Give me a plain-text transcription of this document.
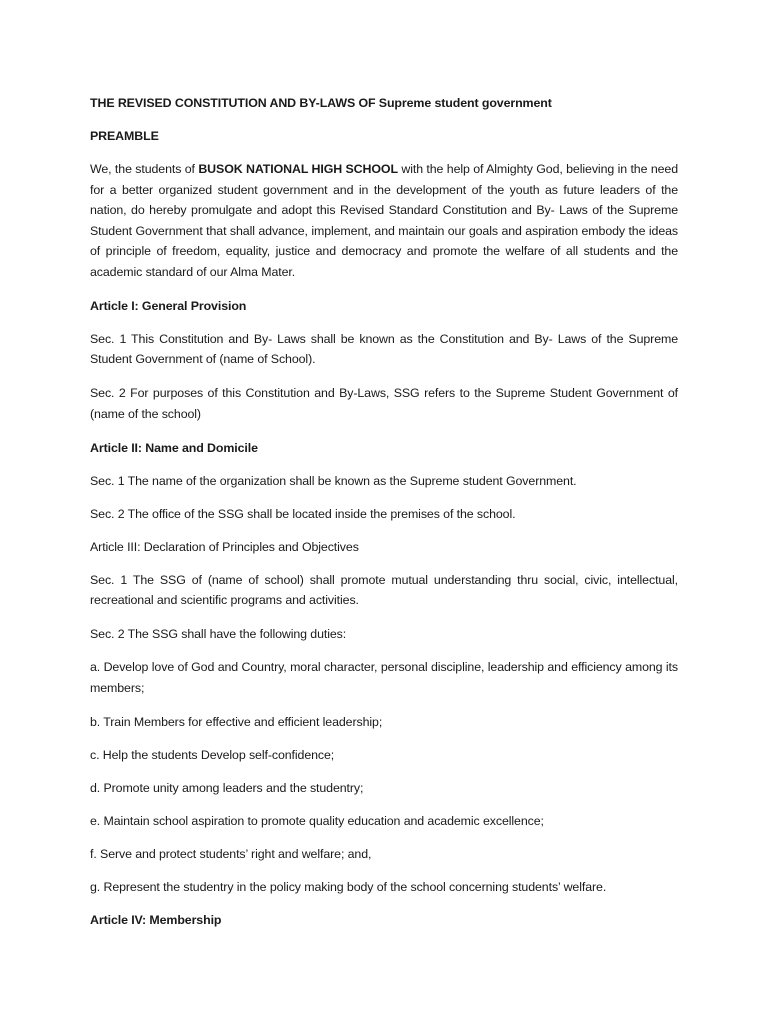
THE REVISED CONSTITUTION AND BY-LAWS OF Supreme student government

PREAMBLE

We, the students of BUSOK NATIONAL HIGH SCHOOL with the help of Almighty God, believing in the need for a better organized student government and in the development of the youth as future leaders of the nation, do hereby promulgate and adopt this Revised Standard Constitution and By- Laws of the Supreme Student Government that shall advance, implement, and maintain our goals and aspiration embody the ideas of principle of freedom, equality, justice and democracy and promote the welfare of all students and the academic standard of our Alma Mater.

Article I: General Provision

Sec. 1 This Constitution and By- Laws shall be known as the Constitution and By- Laws of the Supreme Student Government of (name of School).

Sec. 2 For purposes of this Constitution and By-Laws, SSG refers to the Supreme Student Government of (name of the school)

Article II: Name and Domicile

Sec. 1 The name of the organization shall be known as the Supreme student Government.

Sec. 2 The office of the SSG shall be located inside the premises of the school.

Article III: Declaration of Principles and Objectives

Sec. 1 The SSG of (name of school) shall promote mutual understanding thru social, civic, intellectual, recreational and scientific programs and activities.

Sec. 2 The SSG shall have the following duties:

a. Develop love of God and Country, moral character, personal discipline, leadership and efficiency among its members;

b. Train Members for effective and efficient leadership;

c. Help the students Develop self-confidence;

d. Promote unity among leaders and the studentry;

e. Maintain school aspiration to promote quality education and academic excellence;

f. Serve and protect students’ right and welfare; and,

g. Represent the studentry in the policy making body of the school concerning students’ welfare.

Article IV: Membership
